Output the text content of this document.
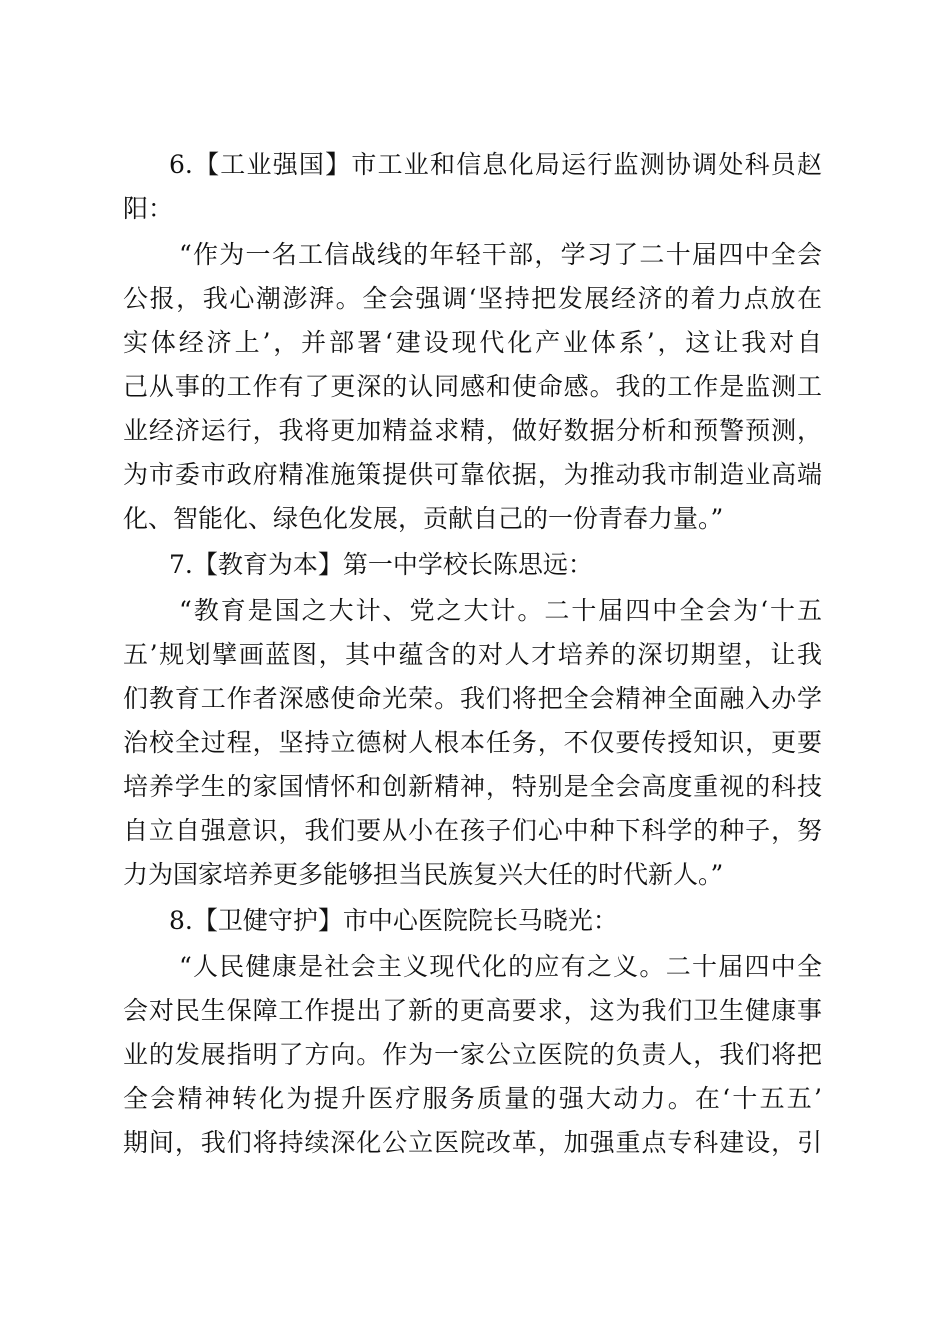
6.【工业强国】市工业和信息化局运行监测协调处科员赵
阳：
“作为一名工信战线的年轻干部，学习了二十届四中全会
公报，我心潮澎湃。全会强调‘坚持把发展经济的着力点放在
实体经济上’，并部署‘建设现代化产业体系’，这让我对自
己从事的工作有了更深的认同感和使命感。我的工作是监测工
业经济运行，我将更加精益求精，做好数据分析和预警预测，
为市委市政府精准施策提供可靠依据，为推动我市制造业高端
化、智能化、绿色化发展，贡献自己的一份青春力量。”
7.【教育为本】第一中学校长陈思远：
“教育是国之大计、党之大计。二十届四中全会为‘十五
五’规划擘画蓝图，其中蕴含的对人才培养的深切期望，让我
们教育工作者深感使命光荣。我们将把全会精神全面融入办学
治校全过程，坚持立德树人根本任务，不仅要传授知识，更要
培养学生的家国情怀和创新精神，特别是全会高度重视的科技
自立自强意识，我们要从小在孩子们心中种下科学的种子，努
力为国家培养更多能够担当民族复兴大任的时代新人。”
8.【卫健守护】市中心医院院长马晓光：
“人民健康是社会主义现代化的应有之义。二十届四中全
会对民生保障工作提出了新的更高要求，这为我们卫生健康事
业的发展指明了方向。作为一家公立医院的负责人，我们将把
全会精神转化为提升医疗服务质量的强大动力。在‘十五五’
期间，我们将持续深化公立医院改革，加强重点专科建设，引
